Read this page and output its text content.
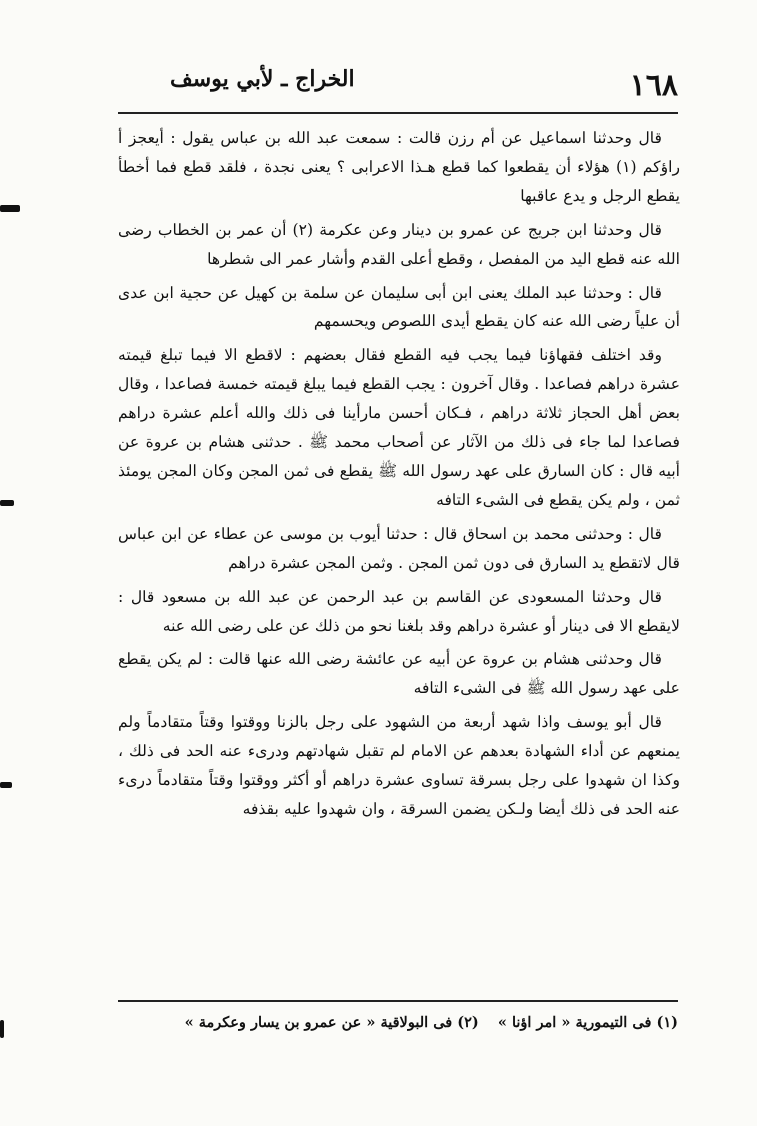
١٦٨
الخراج ـ لأبي يوسف

قال وحدثنا اسماعيل عن أم رزن قالت : سمعت عبد الله بن عباس يقول : أيعجز أ راؤكم (١) هؤلاء أن يقطعوا كما قطع هـذا الاعرابى ؟ يعنى نجدة ، فلقد قطع فما أخطأ يقطع الرجل و يدع عاقبها

قال وحدثنا ابن جريج عن عمرو بن دينار وعن عكرمة (٢) أن عمر بن الخطاب رضى الله عنه قطع اليد من المفصل ، وقطع أعلى القدم وأشار عمر الى شطرها

قال : وحدثنا عبد الملك يعنى ابن أبى سليمان عن سلمة بن كهيل عن حجية ابن عدى أن علياً رضى الله عنه كان يقطع أيدى اللصوص ويحسمهم

وقد اختلف فقهاؤنا فيما يجب فيه القطع فقال بعضهم : لاقطع الا فيما تبلغ قيمته عشرة دراهم فصاعدا . وقال آخرون : يجب القطع فيما يبلغ قيمته خمسة فصاعدا ، وقال بعض أهل الحجاز ثلاثة دراهم ، فـكان أحسن مارأينا فى ذلك والله أعلم عشرة دراهم فصاعدا لما جاء فى ذلك من الآثار عن أصحاب محمد ﷺ . حدثنى هشام بن عروة عن أبيه قال : كان السارق على عهد رسول الله ﷺ يقطع فى ثمن المجن وكان المجن يومئذ ثمن ، ولم يكن يقطع فى الشىء التافه

قال : وحدثنى محمد بن اسحاق قال : حدثنا أيوب بن موسى عن عطاء عن ابن عباس قال لاتقطع يد السارق فى دون ثمن المجن . وثمن المجن عشرة دراهم

قال وحدثنا المسعودى عن القاسم بن عبد الرحمن عن عبد الله بن مسعود قال : لايقطع الا فى دينار أو عشرة دراهم وقد بلغنا نحو من ذلك عن على رضى الله عنه

قال وحدثنى هشام بن عروة عن أبيه عن عائشة رضى الله عنها قالت : لم يكن يقطع على عهد رسول الله ﷺ فى الشىء التافه

قال أبو يوسف واذا شهد أربعة من الشهود على رجل بالزنا ووقتوا وقتاً متقادماً ولم يمنعهم عن أداء الشهادة بعدهم عن الامام لم تقبل شهادتهم ودرىء عنه الحد فى ذلك ، وكذا ان شهدوا على رجل بسرقة تساوى عشرة دراهم أو أكثر ووقتوا وقتاً متقادماً درىء عنه الحد فى ذلك أيضا ولـكن يضمن السرقة ، وان شهدوا عليه بقذفه

(١) فى التيمورية « امر اؤنا » (٢) فى البولاقية « عن عمرو بن يسار وعكرمة »
